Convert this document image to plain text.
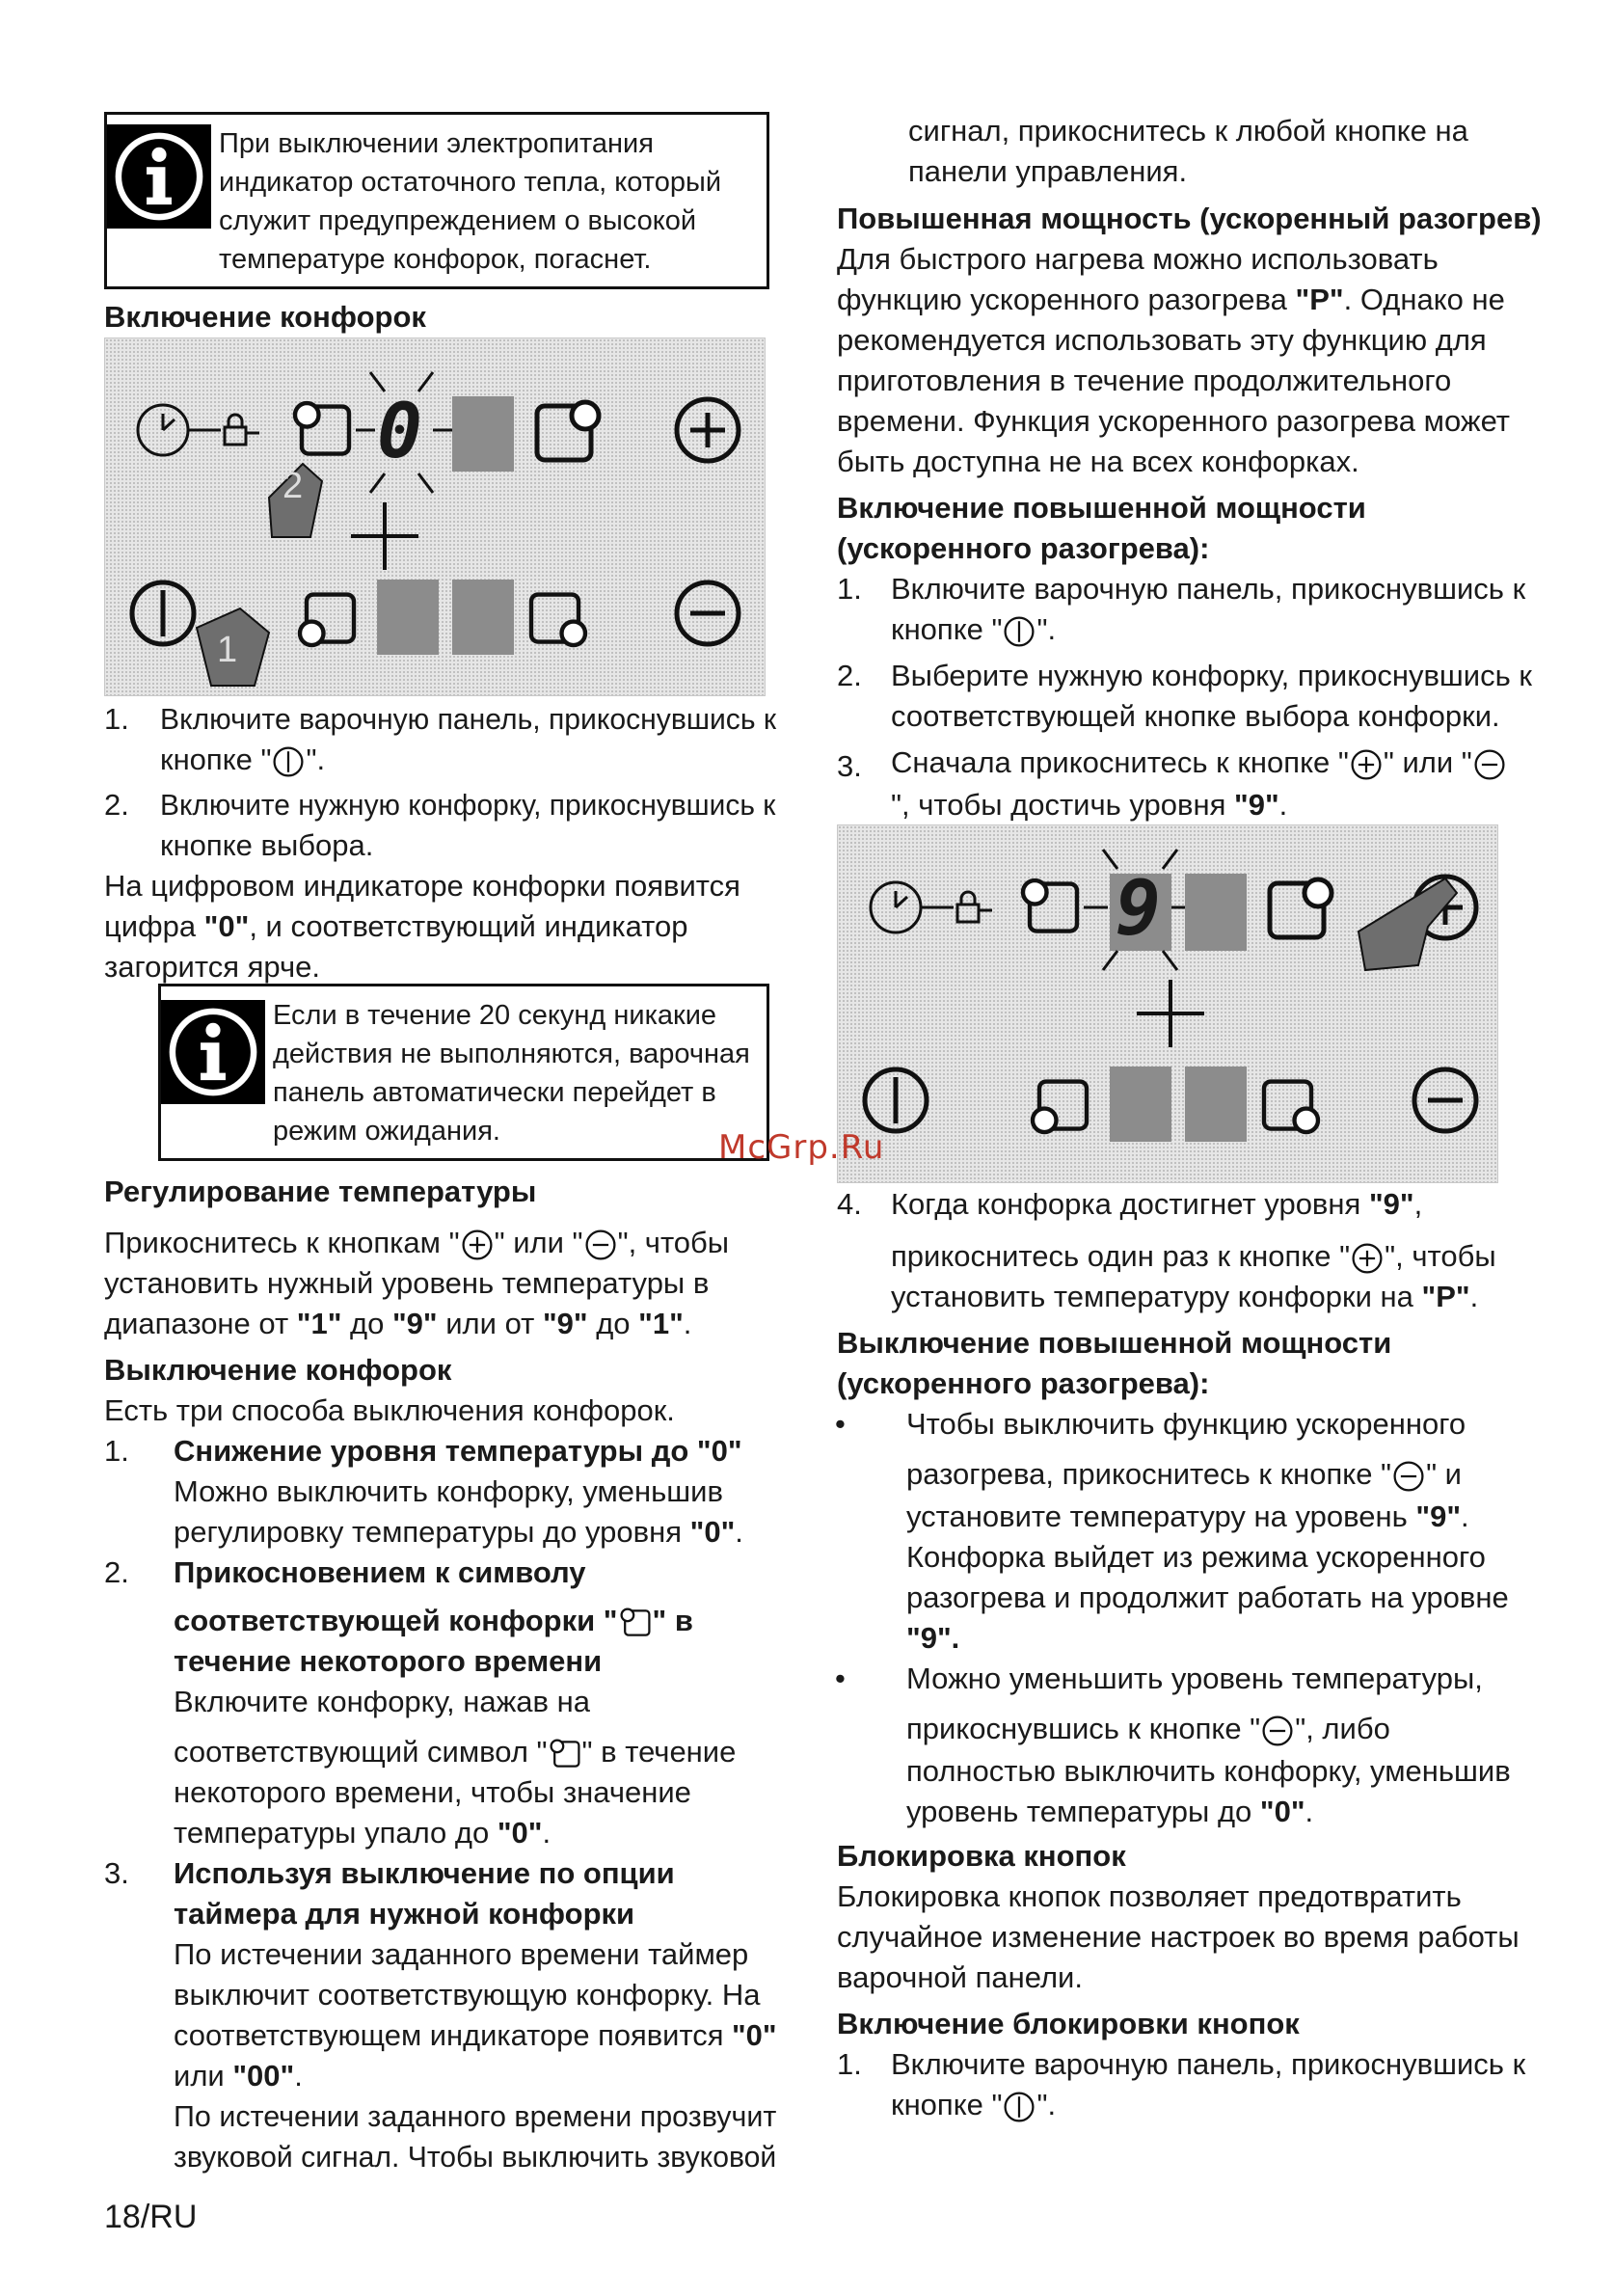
При выключении электропитания
индикатор остаточного тепла, который
служит предупреждением о высокой
температуре конфорок, погаснет.
Включение конфорок
0
2
1
1. Включите варочную панель, прикоснувшись к
кнопке " ".
2. Включите нужную конфорку, прикоснувшись к
кнопке выбора.
На цифровом индикаторе конфорки появится
цифра "0", и соответствующий индикатор
загорится ярче.
Если в течение 20 секунд никакие
действия не выполняются, варочная
панель автоматически перейдет в
режим ожидания.
Регулирование температуры
Прикоснитесь к кнопкам " " или " ", чтобы
установить нужный уровень температуры в
диапазоне от "1" до "9" или от "9" до "1".
Выключение конфорок
Есть три способа выключения конфорок.
1. Снижение уровня температуры до "0"
Можно выключить конфорку, уменьшив
регулировку температуры до уровня "0".
2. Прикосновением к символу
соответствующей конфорки " " в
течение некоторого времени
Включите конфорку, нажав на
соответствующий символ " " в течение
некоторого времени, чтобы значение
температуры упало до "0".
3. Используя выключение по опции
таймера для нужной конфорки
По истечении заданного времени таймер
выключит соответствующую конфорку. На
соответствующем индикаторе появится "0"
или "00".
По истечении заданного времени прозвучит
звуковой сигнал. Чтобы выключить звуковой
сигнал, прикоснитесь к любой кнопке на
панели управления.
Повышенная мощность (ускоренный разогрев)
Для быстрого нагрева можно использовать
функцию ускоренного разогрева "P". Однако не
рекомендуется использовать эту функцию для
приготовления в течение продолжительного
времени. Функция ускоренного разогрева может
быть доступна не на всех конфорках.
Включение повышенной мощности
(ускоренного разогрева):
1. Включите варочную панель, прикоснувшись к
кнопке " ".
2. Выберите нужную конфорку, прикоснувшись к
соответствующей кнопке выбора конфорки.
3. Сначала прикоснитесь к кнопке " " или "
", чтобы достичь уровня "9".
9
McGrp.Ru
4. Когда конфорка достигнет уровня "9",
прикоснитесь один раз к кнопке " ", чтобы
установить температуру конфорки на "P".
Выключение повышенной мощности
(ускоренного разогрева):
• Чтобы выключить функцию ускоренного
разогрева, прикоснитесь к кнопке " " и
установите температуру на уровень "9".
Конфорка выйдет из режима ускоренного
разогрева и продолжит работать на уровне
"9".
• Можно уменьшить уровень температуры,
прикоснувшись к кнопке " ", либо
полностью выключить конфорку, уменьшив
уровень температуры до "0".
Блокировка кнопок
Блокировка кнопок позволяет предотвратить
случайное изменение настроек во время работы
варочной панели.
Включение блокировки кнопок
1. Включите варочную панель, прикоснувшись к
кнопке " ".
18/RU
